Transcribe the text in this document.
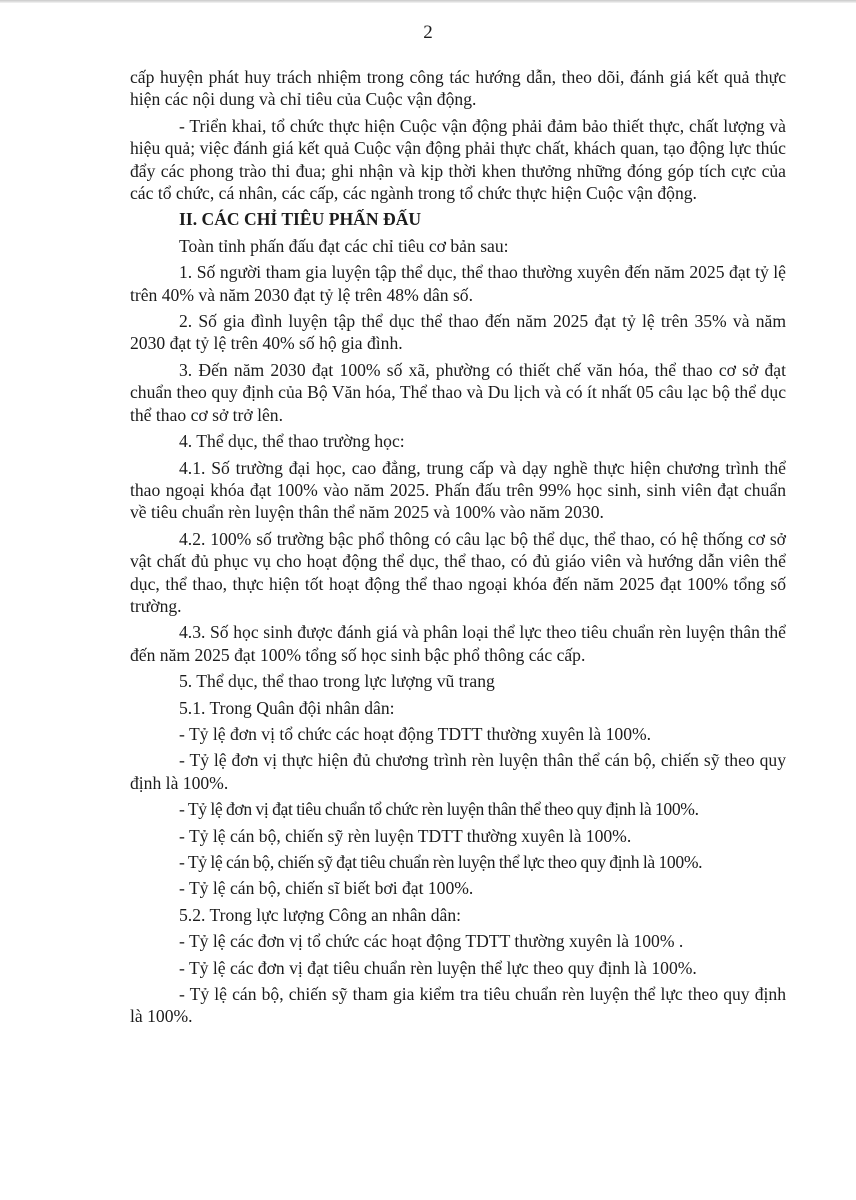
2

cấp huyện phát huy trách nhiệm trong công tác hướng dẫn, theo dõi, đánh giá kết quả thực hiện các nội dung và chỉ tiêu của Cuộc vận động.

- Triển khai, tổ chức thực hiện Cuộc vận động phải đảm bảo thiết thực, chất lượng và hiệu quả; việc đánh giá kết quả Cuộc vận động phải thực chất, khách quan, tạo động lực thúc đẩy các phong trào thi đua; ghi nhận và kịp thời khen thưởng những đóng góp tích cực của các tổ chức, cá nhân, các cấp, các ngành trong tổ chức thực hiện Cuộc vận động.

II. CÁC CHỈ TIÊU PHẤN ĐẤU

Toàn tỉnh phấn đấu đạt các chỉ tiêu cơ bản sau:

1. Số người tham gia luyện tập thể dục, thể thao thường xuyên đến năm 2025 đạt tỷ lệ trên 40% và năm 2030 đạt tỷ lệ trên 48% dân số.

2. Số gia đình luyện tập thể dục thể thao đến năm 2025 đạt tỷ lệ trên 35% và năm 2030 đạt tỷ lệ trên 40% số hộ gia đình.

3. Đến năm 2030 đạt 100% số xã, phường có thiết chế văn hóa, thể thao cơ sở đạt chuẩn theo quy định của Bộ Văn hóa, Thể thao và Du lịch và có ít nhất 05 câu lạc bộ thể dục thể thao cơ sở trở lên.

4. Thể dục, thể thao trường học:

4.1. Số trường đại học, cao đẳng, trung cấp và dạy nghề thực hiện chương trình thể thao ngoại khóa đạt 100% vào năm 2025. Phấn đấu trên 99% học sinh, sinh viên đạt chuẩn về tiêu chuẩn rèn luyện thân thể năm 2025 và 100% vào năm 2030.

4.2. 100% số trường bậc phổ thông có câu lạc bộ thể dục, thể thao, có hệ thống cơ sở vật chất đủ phục vụ cho hoạt động thể dục, thể thao, có đủ giáo viên và hướng dẫn viên thể dục, thể thao, thực hiện tốt hoạt động thể thao ngoại khóa đến năm 2025 đạt 100% tổng số trường.

4.3. Số học sinh được đánh giá và phân loại thể lực theo tiêu chuẩn rèn luyện thân thể đến năm 2025 đạt 100% tổng số học sinh bậc phổ thông các cấp.

5. Thể dục, thể thao trong lực lượng vũ trang

5.1. Trong Quân đội nhân dân:

- Tỷ lệ đơn vị tổ chức các hoạt động TDTT thường xuyên là 100%.

- Tỷ lệ đơn vị thực hiện đủ chương trình rèn luyện thân thể cán bộ, chiến sỹ theo quy định là 100%.

- Tỷ lệ đơn vị đạt tiêu chuẩn tổ chức rèn luyện thân thể theo quy định là 100%.

- Tỷ lệ cán bộ, chiến sỹ rèn luyện TDTT thường xuyên là 100%.

- Tỷ lệ cán bộ, chiến sỹ đạt tiêu chuẩn rèn luyện thể lực theo quy định là 100%.

- Tỷ lệ cán bộ, chiến sĩ biết bơi đạt 100%.

5.2. Trong lực lượng Công an nhân dân:

- Tỷ lệ các đơn vị tổ chức các hoạt động TDTT thường xuyên là 100% .

- Tỷ lệ các đơn vị đạt tiêu chuẩn rèn luyện thể lực theo quy định là 100%.

- Tỷ lệ cán bộ, chiến sỹ tham gia kiểm tra tiêu chuẩn rèn luyện thể lực theo quy định là 100%.
